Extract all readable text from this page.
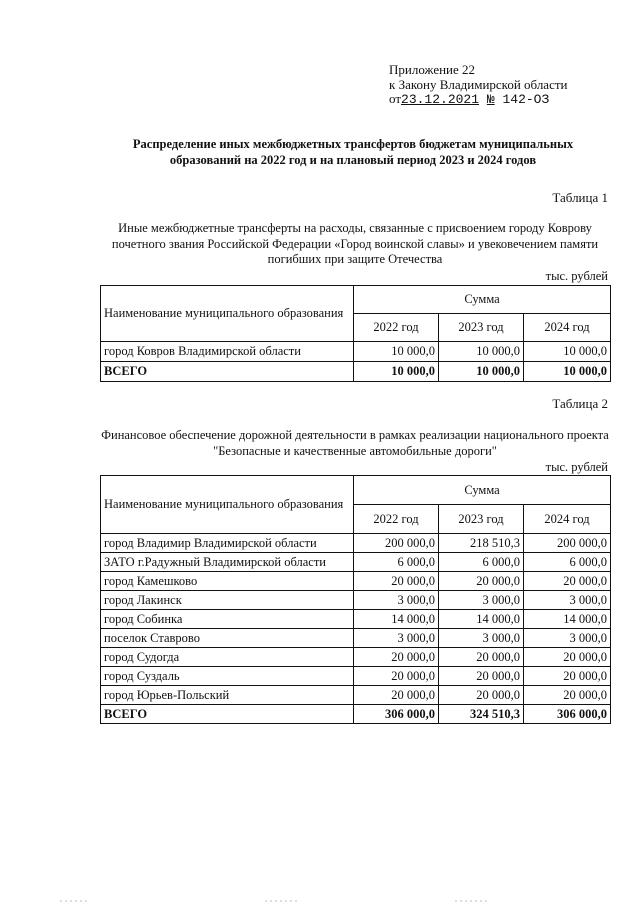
Приложение 22
к Закону Владимирской области
от23.12.2021 № 142-ОЗ
Распределение иных межбюджетных трансфертов бюджетам муниципальных образований на 2022 год и на плановый период 2023 и 2024 годов
Таблица 1
Иные межбюджетные трансферты на расходы, связанные с присвоением городу Коврову почетного звания Российской Федерации «Город воинской славы» и увековечением памяти погибших при защите Отечества
тыс. рублей
Наименование муниципального образования	Сумма		
	2022 год	2023 год	2024 год
город Ковров Владимирской области	10 000,0	10 000,0	10 000,0
ВСЕГО	10 000,0	10 000,0	10 000,0
Таблица 2
Финансовое обеспечение дорожной деятельности в рамках реализации национального проекта "Безопасные и качественные автомобильные дороги"
тыс. рублей
Наименование муниципального образования	Сумма		
	2022 год	2023 год	2024 год
город Владимир Владимирской области	200 000,0	218 510,3	200 000,0
ЗАТО г.Радужный Владимирской области	6 000,0	6 000,0	6 000,0
город Камешково	20 000,0	20 000,0	20 000,0
город Лакинск	3 000,0	3 000,0	3 000,0
город Собинка	14 000,0	14 000,0	14 000,0
поселок Ставрово	3 000,0	3 000,0	3 000,0
город Судогда	20 000,0	20 000,0	20 000,0
город Суздаль	20 000,0	20 000,0	20 000,0
город Юрьев-Польский	20 000,0	20 000,0	20 000,0
ВСЕГО	306 000,0	324 510,3	306 000,0
